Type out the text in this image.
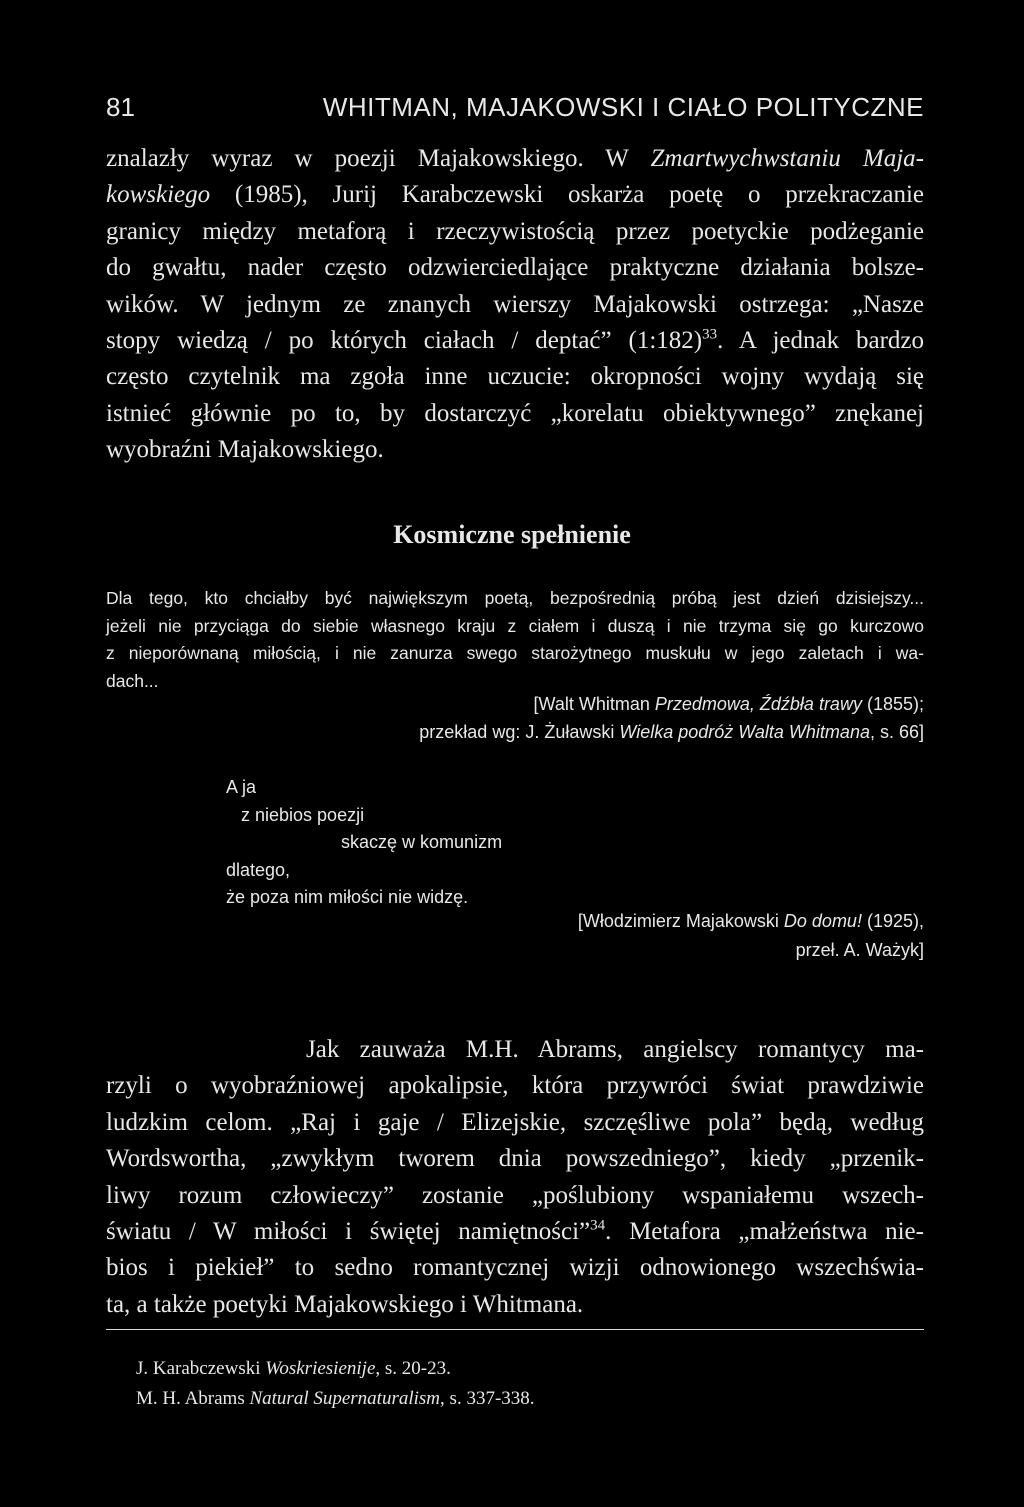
81	WHITMAN, MAJAKOWSKI I CIAŁO POLITYCZNE
znalazły wyraz w poezji Majakowskiego. W Zmartwychwstaniu Maja-
kowskiego (1985), Jurij Karabczewski oskarża poetę o przekraczanie
granicy między metaforą i rzeczywistością przez poetyckie podżeganie
do gwałtu, nader często odzwierciedlające praktyczne działania bolsze-
wików. W jednym ze znanych wierszy Majakowski ostrzega: „Nasze
stopy wiedzą / po których ciałach / deptać” (1:182)$^{33}$. A jednak bardzo
często czytelnik ma zgoła inne uczucie: okropności wojny wydają się
istnieć głównie po to, by dostarczyć „korelatu obiektywnego” znękanej
wyobraźni Majakowskiego.
Kosmiczne spełnienie
Dla tego, kto chciałby być największym poetą, bezpośrednią próbą jest dzień dzisiejszy...
jeżeli nie przyciąga do siebie własnego kraju z ciałem i duszą i nie trzyma się go kurczowo
z nieporównaną miłością, i nie zanurza swego starożytnego muskułu w jego zaletach i wa-
dach...
[Walt Whitman Przedmowa, Źdźbła trawy (1855);
przekład wg: J. Żuławski Wielka podróż Walta Whitmana, s. 66]
A ja
z niebios poezji
skaczę w komunizm
dlatego,
że poza nim miłości nie widzę.
[Włodzimierz Majakowski Do domu! (1925),
przeł. A. Ważyk]
Jak zauważa M.H. Abrams, angielscy romantycy ma-
rzyli o wyobraźniowej apokalipsie, która przywróci świat prawdziwie
ludzkim celom. „Raj i gaje / Elizejskie, szczęśliwe pola” będą, według
Wordswortha, „zwykłym tworem dnia powszedniego”, kiedy „przenik-
liwy rozum człowieczy” zostanie „poślubiony wspaniałemu wszech-
światu / W miłości i świętej namiętności”$^{34}$. Metafora „małżeństwa nie-
bios i piekieł” to sedno romantycznej wizji odnowionego wszechświa-
ta, a także poetyki Majakowskiego i Whitmana.
J. Karabczewski Woskriesienije, s. 20-23.
M. H. Abrams Natural Supernaturalism, s. 337-338.
